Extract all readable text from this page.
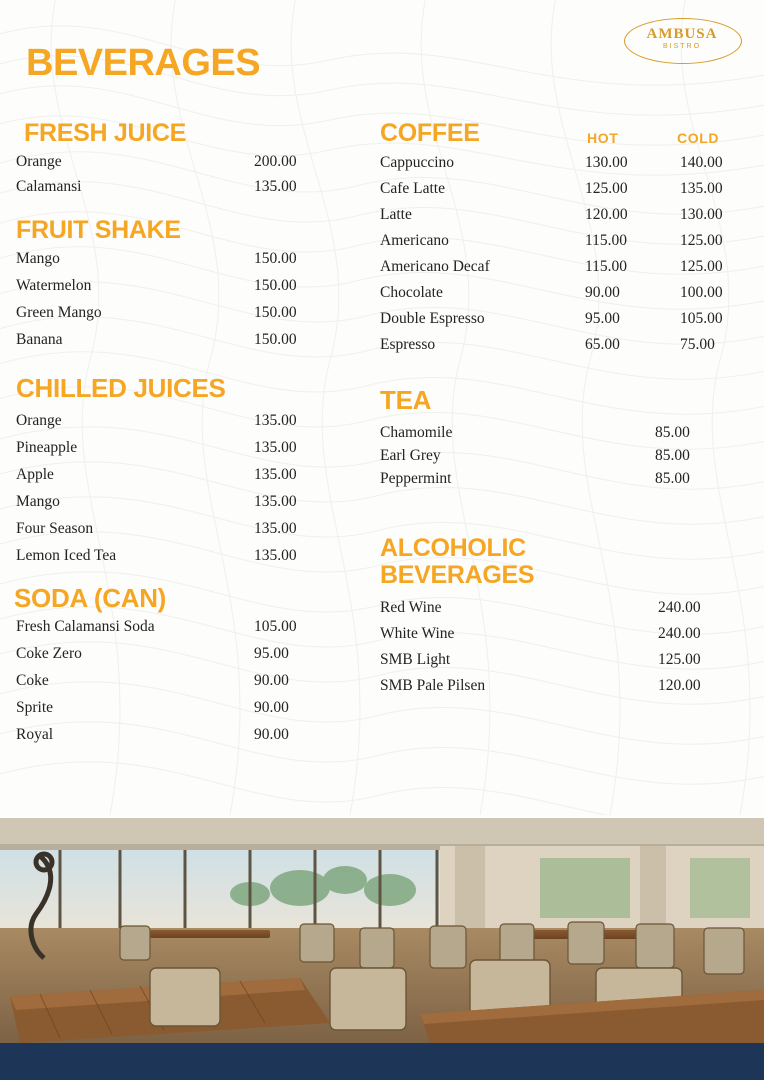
AMBUSA
BISTRO
BEVERAGES
FRESH JUICE
Orange	200.00
Calamansi	135.00
FRUIT SHAKE
Mango	150.00
Watermelon	150.00
Green Mango	150.00
Banana	150.00
CHILLED JUICES
Orange	135.00
Pineapple	135.00
Apple	135.00
Mango	135.00
Four Season	135.00
Lemon Iced Tea	135.00
SODA (CAN)
Fresh Calamansi Soda	105.00
Coke Zero	95.00
Coke	90.00
Sprite	90.00
Royal	90.00
COFFEE	HOT	COLD
Cappuccino	130.00	140.00
Cafe Latte	125.00	135.00
Latte	120.00	130.00
Americano	115.00	125.00
Americano Decaf	115.00	125.00
Chocolate	90.00	100.00
Double Espresso	95.00	105.00
Espresso	65.00	75.00
TEA
Chamomile	85.00
Earl Grey	85.00
Peppermint	85.00
ALCOHOLIC
BEVERAGES
Red Wine	240.00
White Wine	240.00
SMB Light	125.00
SMB Pale Pilsen	120.00
